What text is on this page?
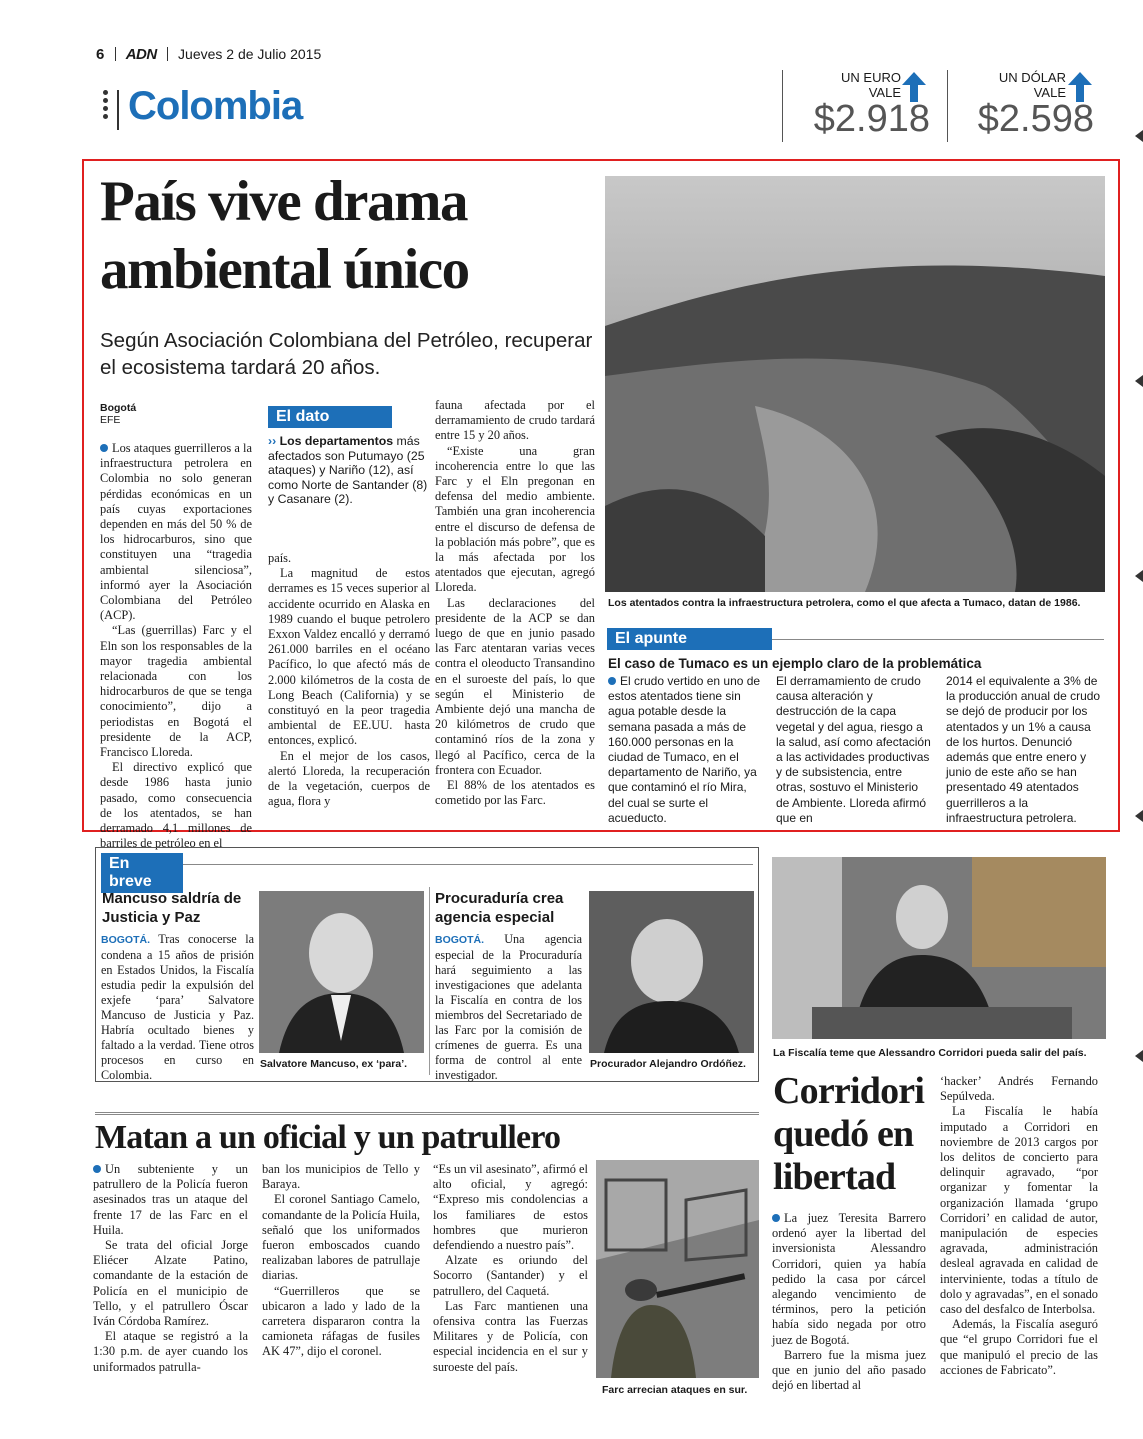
6 ADN Jueves 2 de Julio 2015
Colombia
UN EURO VALE
$2.918
UN DÓLAR VALE
$2.598
País vive drama ambiental único
Según Asociación Colombiana del Petróleo, recuperar el ecosistema tardará 20 años.
Los atentados contra la infraestructura petrolera, como el que afecta a Tumaco, datan de 1986.
Bogotá
EFE

Los ataques guerrilleros a la infraestructura petrolera en Colombia no solo generan pérdidas económicas en un país cuyas exportaciones dependen en más del 50 % de los hidrocarburos, sino que constituyen una “tragedia ambiental silenciosa”, informó ayer la Asociación Colombiana del Petróleo (ACP).

“Las (guerrillas) Farc y el Eln son los responsables de la mayor tragedia ambiental relacionada con los hidrocarburos de que se tenga conocimiento”, dijo a periodistas en Bogotá el presidente de la ACP, Francisco Lloreda.

El directivo explicó que desde 1986 hasta junio pasado, como consecuencia de los atentados, se han derramado 4,1 millones de barriles de petróleo en el

El dato
›› Los departamentos más afectados son Putumayo (25 ataques) y Nariño (12), así como Norte de Santander (8) y Casanare (2).

país.

La magnitud de estos derrames es 15 veces superior al accidente ocurrido en Alaska en 1989 cuando el buque petrolero Exxon Valdez encalló y derramó 261.000 barriles en el océano Pacífico, lo que afectó más de 2.000 kilómetros de la costa de Long Beach (California) y se constituyó en la peor tragedia ambiental de EE.UU. hasta entonces, explicó.

En el mejor de los casos, alertó Lloreda, la recuperación de la vegetación, cuerpos de agua, flora y

fauna afectada por el derramamiento de crudo tardará entre 15 y 20 años.

“Existe una gran incoherencia entre lo que las Farc y el Eln pregonan en defensa del medio ambiente. También una gran incoherencia entre el discurso de defensa de la población más pobre”, que es la más afectada por los atentados que ejecutan, agregó Lloreda.

Las declaraciones del presidente de la ACP se dan luego de que en junio pasado las Farc atentaran varias veces contra el oleoducto Transandino en el suroeste del país, lo que según el Ministerio de Ambiente dejó una mancha de 20 kilómetros de crudo que contaminó ríos de la zona y llegó al Pacífico, cerca de la frontera con Ecuador.

El 88% de los atentados es cometido por las Farc.

El apunte
El caso de Tumaco es un ejemplo claro de la problemática
El crudo vertido en uno de estos atentados tiene sin agua potable desde la semana pasada a más de 160.000 personas en la ciudad de Tumaco, en el departamento de Nariño, ya que contaminó el río Mira, del cual se surte el acueducto.
El derramamiento de crudo causa alteración y destrucción de la capa vegetal y del agua, riesgo a la salud, así como afectación a las actividades productivas y de subsistencia, entre otras, sostuvo el Ministerio de Ambiente. Lloreda afirmó que en
2014 el equivalente a 3% de la producción anual de crudo se dejó de producir por los atentados y un 1% a causa de los hurtos. Denunció además que entre enero y junio de este año se han presentado 49 atentados guerrilleros a la infraestructura petrolera.
En breve
Mancuso saldría de Justicia y Paz
BOGOTÁ. Tras conocerse la condena a 15 años de prisión en Estados Unidos, la Fiscalía estudia pedir la expulsión del exjefe ‘para’ Salvatore Mancuso de Justicia y Paz. Habría ocultado bienes y faltado a la verdad. Tiene otros procesos en curso en Colombia.
Salvatore Mancuso, ex ‘para’.
Procuraduría crea agencia especial
BOGOTÁ. Una agencia especial de la Procuraduría hará seguimiento a las investigaciones que adelanta la Fiscalía en contra de los miembros del Secretariado de las Farc por la comisión de crímenes de guerra. Es una forma de control al ente investigador.
Procurador Alejandro Ordóñez.
La Fiscalía teme que Alessandro Corridori pueda salir del país.
Corridori quedó en libertad

La juez Teresita Barrero ordenó ayer la libertad del inversionista Alessandro Corridori, quien ya había pedido la casa por cárcel alegando vencimiento de términos, pero la petición había sido negada por otro juez de Bogotá.

Barrero fue la misma juez que en junio del año pasado dejó en libertad al

‘hacker’ Andrés Fernando Sepúlveda.

La Fiscalía le había imputado a Corridori en noviembre de 2013 cargos por los delitos de concierto para delinquir agravado, “por organizar y fomentar la organización llamada ‘grupo Corridori’ en calidad de autor, manipulación de especies agravada, administración desleal agravada en calidad de interviniente, todas a título de dolo y agravadas”, en el sonado caso del desfalco de Interbolsa.

Además, la Fiscalía aseguró que “el grupo Corridori fue el que manipuló el precio de las acciones de Fabricato”.

Matan a un oficial y un patrullero

Un subteniente y un patrullero de la Policía fueron asesinados tras un ataque del frente 17 de las Farc en el Huila.

Se trata del oficial Jorge Eliécer Alzate Patino, comandante de la estación de Policía en el municipio de Tello, y el patrullero Óscar Iván Córdoba Ramírez.

El ataque se registró a la 1:30 p.m. de ayer cuando los uniformados patrulla-

ban los municipios de Tello y Baraya.

El coronel Santiago Camelo, comandante de la Policía Huila, señaló que los uniformados fueron emboscados cuando realizaban labores de patrullaje diarias.

“Guerrilleros que se ubicaron a lado y lado de la carretera dispararon contra la camioneta ráfagas de fusiles AK 47”, dijo el coronel.

“Es un vil asesinato”, afirmó el alto oficial, y agregó: “Expreso mis condolencias a los familiares de estos hombres que murieron defendiendo a nuestro país”.

Alzate es oriundo del Socorro (Santander) y el patrullero, del Caquetá.

Las Farc mantienen una ofensiva contra las Fuerzas Militares y de Policía, con especial incidencia en el sur y suroeste del país.

Farc arrecian ataques en sur.
